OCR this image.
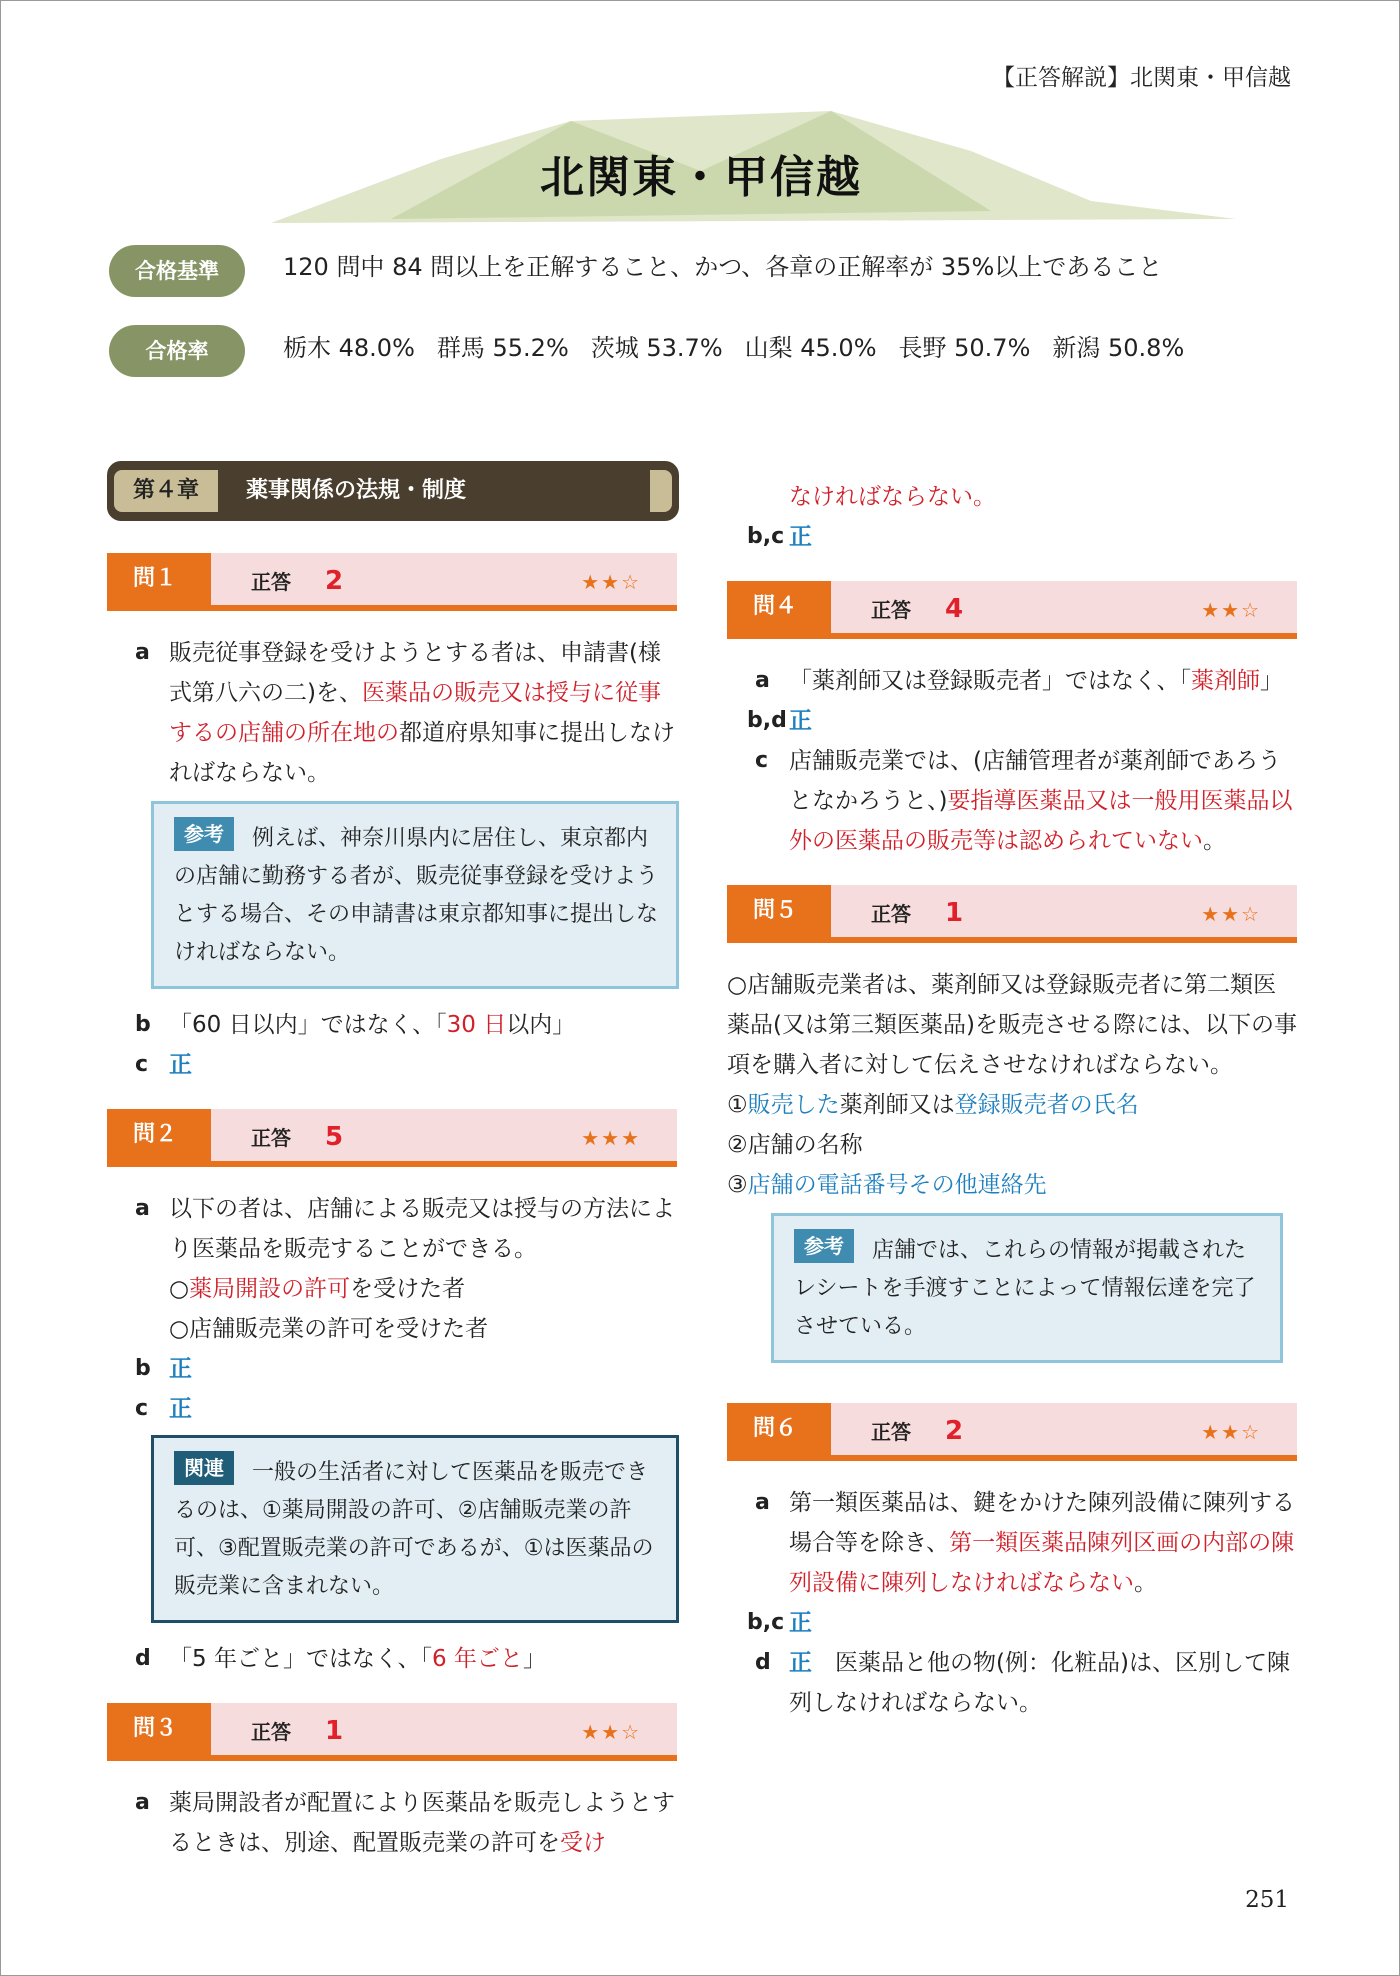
【正答解説】北関東・甲信越
北関東・甲信越
合格基準	120 問中 84 問以上を正解すること、かつ、各章の正解率が 35%以上であること
合格率	栃木 48.0% 群馬 55.2% 茨城 53.7% 山梨 45.0% 長野 50.7% 新潟 50.8%
第４章	薬事関係の法規・制度
問１	正答 2	★★☆
a 販売従事登録を受けようとする者は、申請書(様式第八六の二)を、医薬品の販売又は授与に従事するの店舗の所在地の都道府県知事に提出しなければならない。
参考 例えば、神奈川県内に居住し、東京都内の店舗に勤務する者が、販売従事登録を受けようとする場合、その申請書は東京都知事に提出しなければならない。
b 「60 日以内」ではなく、「30 日以内」
c 正
問２	正答 5	★★★
a 以下の者は、店舗による販売又は授与の方法により医薬品を販売することができる。
○薬局開設の許可を受けた者
○店舗販売業の許可を受けた者
b 正
c 正
関連 一般の生活者に対して医薬品を販売できるのは、①薬局開設の許可、②店舗販売業の許可、③配置販売業の許可であるが、①は医薬品の販売業に含まれない。
d 「5 年ごと」ではなく、「6 年ごと」
問３	正答 1	★★☆
a 薬局開設者が配置により医薬品を販売しようとするときは、別途、配置販売業の許可を受け
なければならない。
b,c 正
問４	正答 4	★★☆
a 「薬剤師又は登録販売者」ではなく、「薬剤師」
b,d 正
c 店舗販売業では、(店舗管理者が薬剤師であろうとなかろうと、)要指導医薬品又は一般用医薬品以外の医薬品の販売等は認められていない。
問５	正答 1	★★☆
○店舗販売業者は、薬剤師又は登録販売者に第二類医薬品(又は第三類医薬品)を販売させる際には、以下の事項を購入者に対して伝えさせなければならない。
①販売した薬剤師又は登録販売者の氏名
②店舗の名称
③店舗の電話番号その他連絡先
参考 店舗では、これらの情報が掲載されたレシートを手渡すことによって情報伝達を完了させている。
問６	正答 2	★★☆
a 第一類医薬品は、鍵をかけた陳列設備に陳列する場合等を除き、第一類医薬品陳列区画の内部の陳列設備に陳列しなければならない。
b,c 正
d 正　 医薬品と他の物(例：化粧品)は、区別して陳列しなければならない。
251
